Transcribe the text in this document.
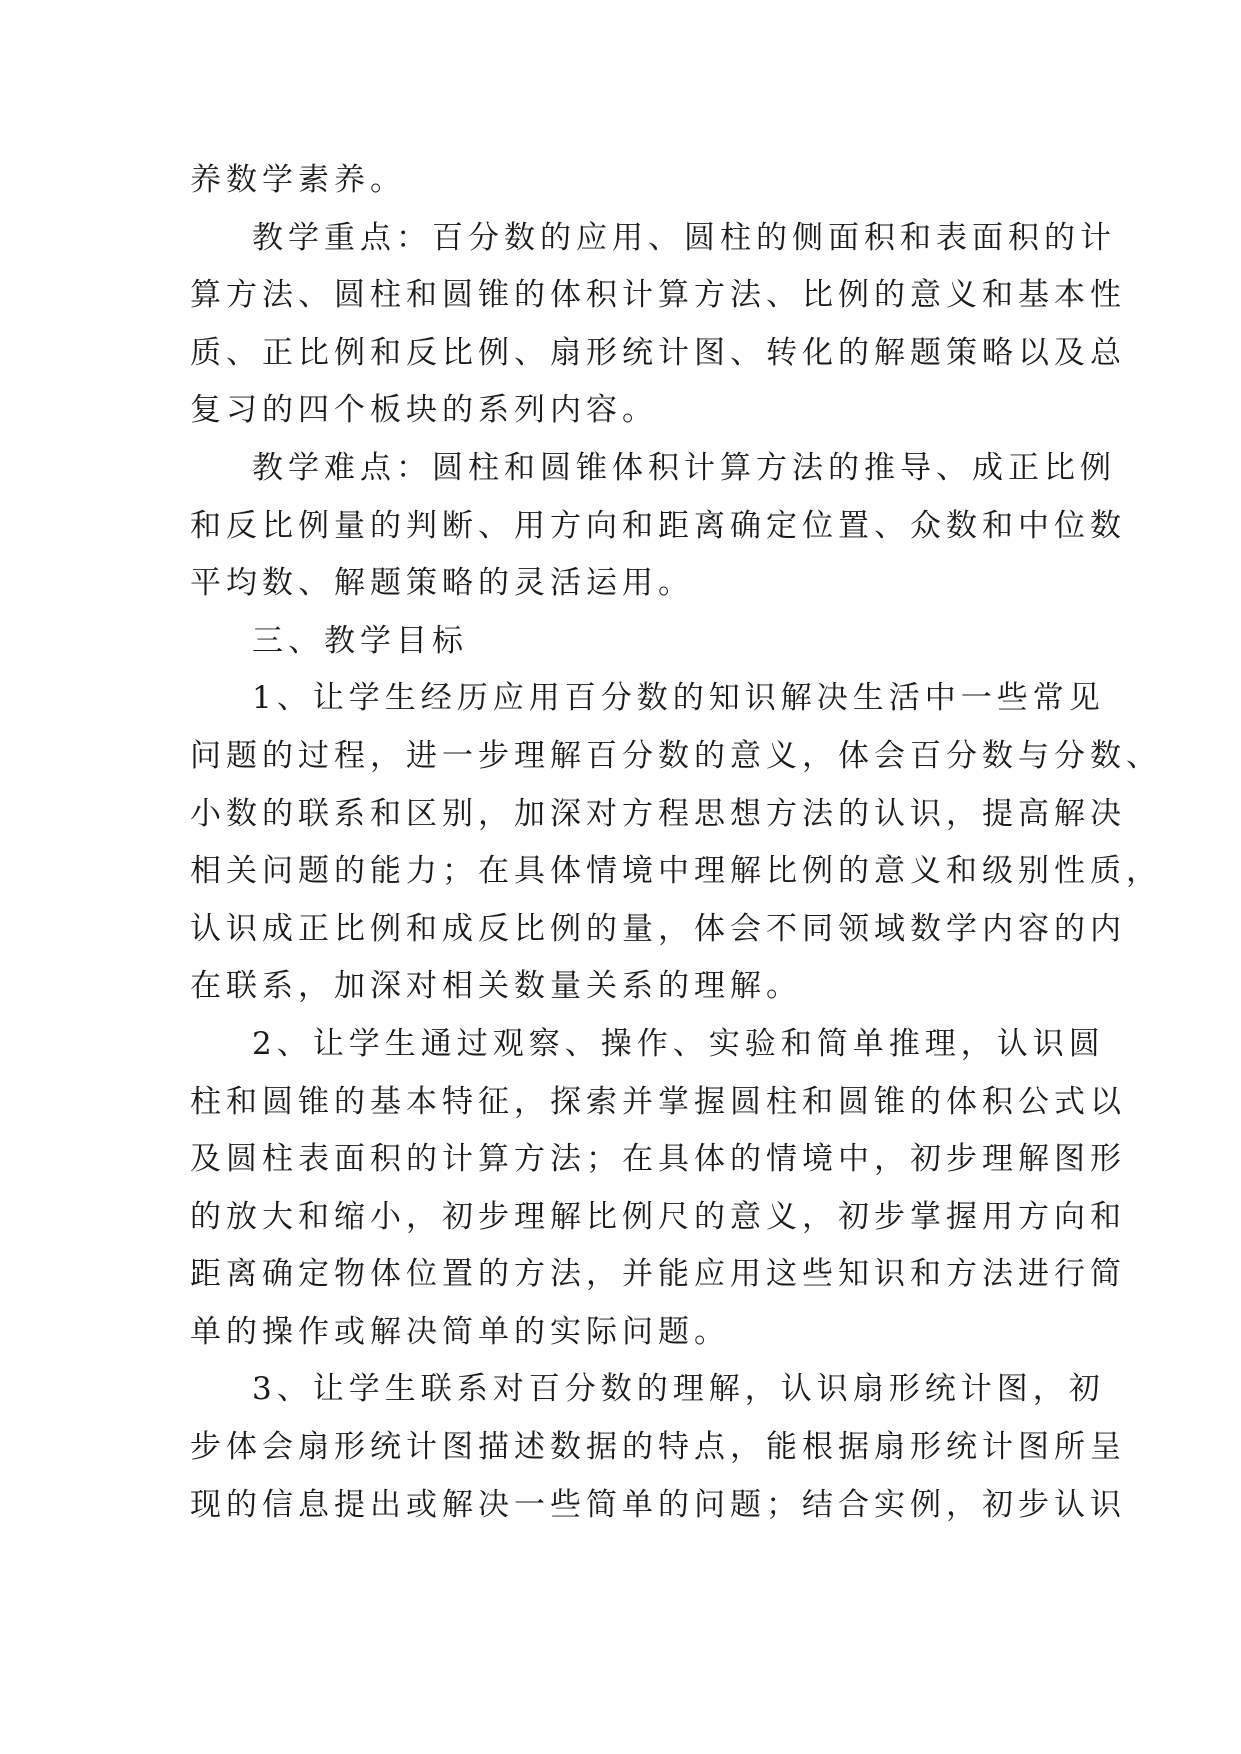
养数学素养。
教学重点：百分数的应用、圆柱的侧面积和表面积的计
算方法、圆柱和圆锥的体积计算方法、比例的意义和基本性
质、正比例和反比例、扇形统计图、转化的解题策略以及总
复习的四个板块的系列内容。
教学难点：圆柱和圆锥体积计算方法的推导、成正比例
和反比例量的判断、用方向和距离确定位置、众数和中位数
平均数、解题策略的灵活运用。
三、教学目标
1、让学生经历应用百分数的知识解决生活中一些常见
问题的过程，进一步理解百分数的意义，体会百分数与分数、
小数的联系和区别，加深对方程思想方法的认识，提高解决
相关问题的能力；在具体情境中理解比例的意义和级别性质，
认识成正比例和成反比例的量，体会不同领域数学内容的内
在联系，加深对相关数量关系的理解。
2、让学生通过观察、操作、实验和简单推理，认识圆
柱和圆锥的基本特征，探索并掌握圆柱和圆锥的体积公式以
及圆柱表面积的计算方法；在具体的情境中，初步理解图形
的放大和缩小，初步理解比例尺的意义，初步掌握用方向和
距离确定物体位置的方法，并能应用这些知识和方法进行简
单的操作或解决简单的实际问题。
3、让学生联系对百分数的理解，认识扇形统计图，初
步体会扇形统计图描述数据的特点，能根据扇形统计图所呈
现的信息提出或解决一些简单的问题；结合实例，初步认识
